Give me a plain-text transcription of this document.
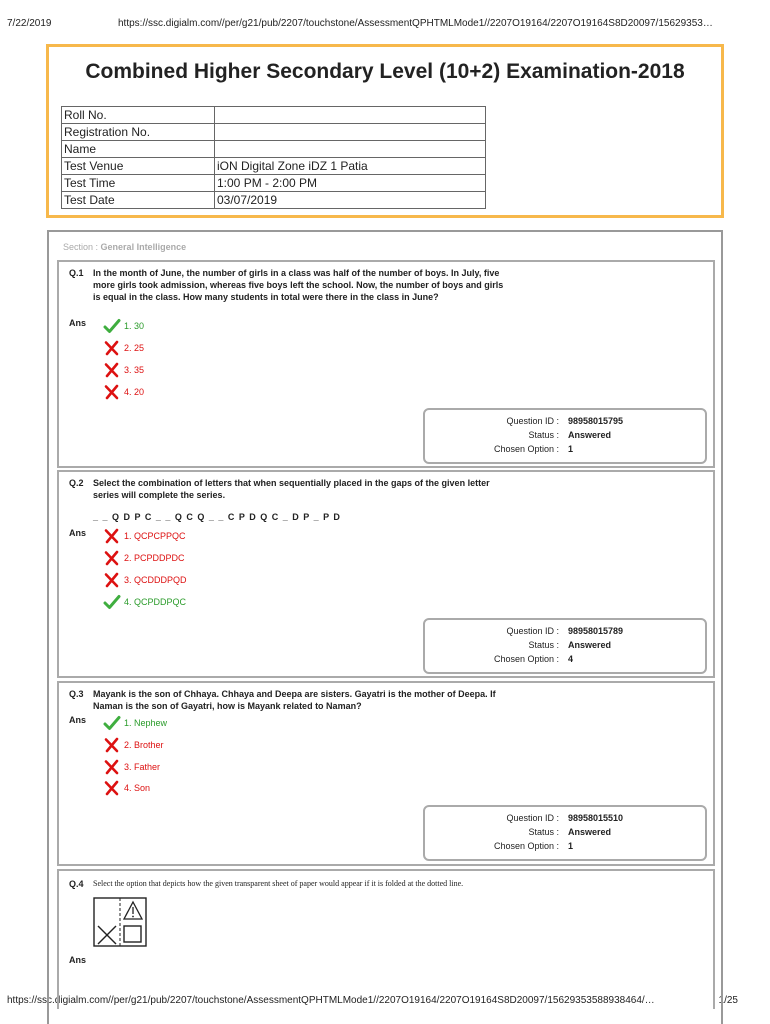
7/22/2019	https://ssc.digialm.com//per/g21/pub/2207/touchstone/AssessmentQPHTMLMode1//2207O19164/2207O19164S8D20097/15629353…
https://ssc.digialm.com//per/g21/pub/2207/touchstone/AssessmentQPHTMLMode1//2207O19164/2207O19164S8D20097/15629353588938464/…	1/25
Combined Higher Secondary Level (10+2) Examination-2018
Roll No.	
Registration No.	
Name	
Test Venue	iON Digital Zone iDZ 1 Patia
Test Time	1:00 PM - 2:00 PM
Test Date	03/07/2019
Section : General Intelligence
Q.1 In the month of June, the number of girls in a class was half of the number of boys. In July, five more girls took admission, whereas five boys left the school. Now, the number of boys and girls is equal in the class. How many students in total were there in the class in June?
Ans	1. 30
2. 25
3. 35
4. 20
Question ID : 98958015795
Status : Answered
Chosen Option : 1
Q.2 Select the combination of letters that when sequentially placed in the gaps of the given letter series will complete the series.
_ _ Q D P C _ _ Q C Q _ _ C P D Q C _ D P _ P D
Ans	1. QCPCPPQC
2. PCPDDPDC
3. QCDDDPQD
4. QCPDDPQC
Question ID : 98958015789
Status : Answered
Chosen Option : 4
Q.3 Mayank is the son of Chhaya. Chhaya and Deepa are sisters. Gayatri is the mother of Deepa. If Naman is the son of Gayatri, how is Mayank related to Naman?
Ans	1. Nephew
2. Brother
3. Father
4. Son
Question ID : 98958015510
Status : Answered
Chosen Option : 1
Q.4 Select the option that depicts how the given transparent sheet of paper would appear if it is folded at the dotted line.
Ans
